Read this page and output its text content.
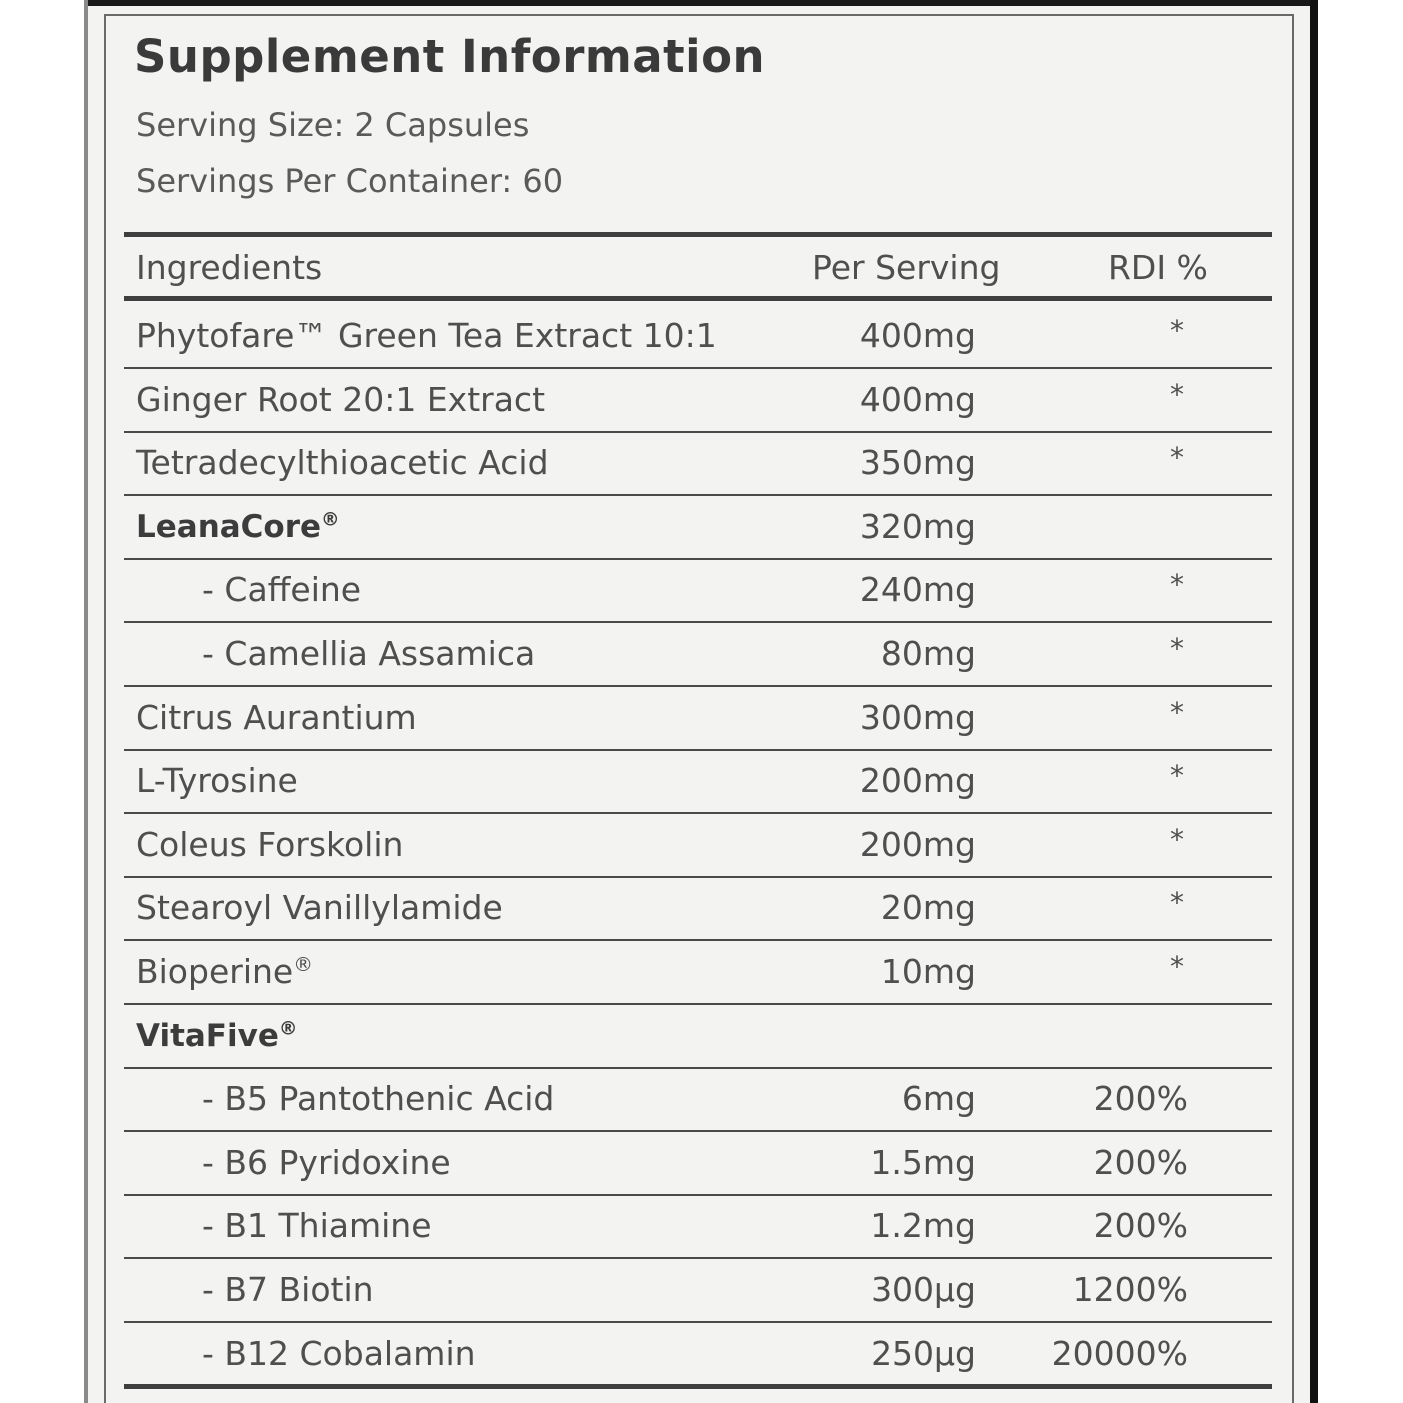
Supplement Information
Serving Size: 2 Capsules
Servings Per Container: 60
Ingredients	Per Serving	RDI %
Phytofare™ Green Tea Extract 10:1	400mg	*
Ginger Root 20:1 Extract	400mg	*
Tetradecylthioacetic Acid	350mg	*
LeanaCore®	320mg
- Caffeine	240mg	*
- Camellia Assamica	80mg	*
Citrus Aurantium	300mg	*
L-Tyrosine	200mg	*
Coleus Forskolin	200mg	*
Stearoyl Vanillylamide	20mg	*
Bioperine®	10mg	*
VitaFive®
- B5 Pantothenic Acid	6mg	200%
- B6 Pyridoxine	1.5mg	200%
- B1 Thiamine	1.2mg	200%
- B7 Biotin	300µg	1200%
- B12 Cobalamin	250µg 20000%
